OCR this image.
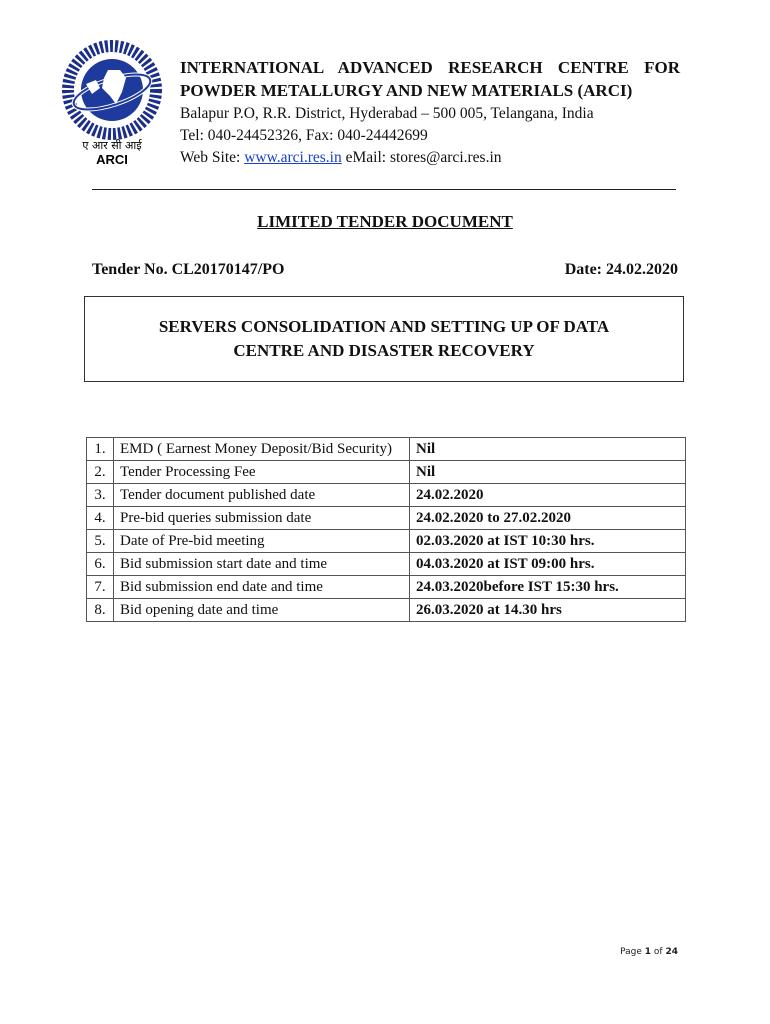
ए आर सी आई
ARCI
INTERNATIONAL ADVANCED RESEARCH CENTRE FOR POWDER METALLURGY AND NEW MATERIALS (ARCI)
Balapur P.O, R.R. District, Hyderabad – 500 005, Telangana, India
Tel: 040-24452326, Fax: 040-24442699
Web Site: www.arci.res.in eMail: stores@arci.res.in
LIMITED TENDER DOCUMENT
Tender No. CL20170147/PO	Date: 24.02.2020
SERVERS CONSOLIDATION AND SETTING UP OF DATA CENTRE AND DISASTER RECOVERY
1.	EMD ( Earnest Money Deposit/Bid Security)	Nil
2.	Tender Processing Fee	Nil
3.	Tender document published date	24.02.2020
4.	Pre-bid queries submission date	24.02.2020 to 27.02.2020
5.	Date of Pre-bid meeting	02.03.2020 at IST 10:30 hrs.
6.	Bid submission start date and time	04.03.2020 at IST 09:00 hrs.
7.	Bid submission end date and time	24.03.2020before IST 15:30 hrs.
8.	Bid opening date and time	26.03.2020 at 14.30 hrs
Page 1 of 24
